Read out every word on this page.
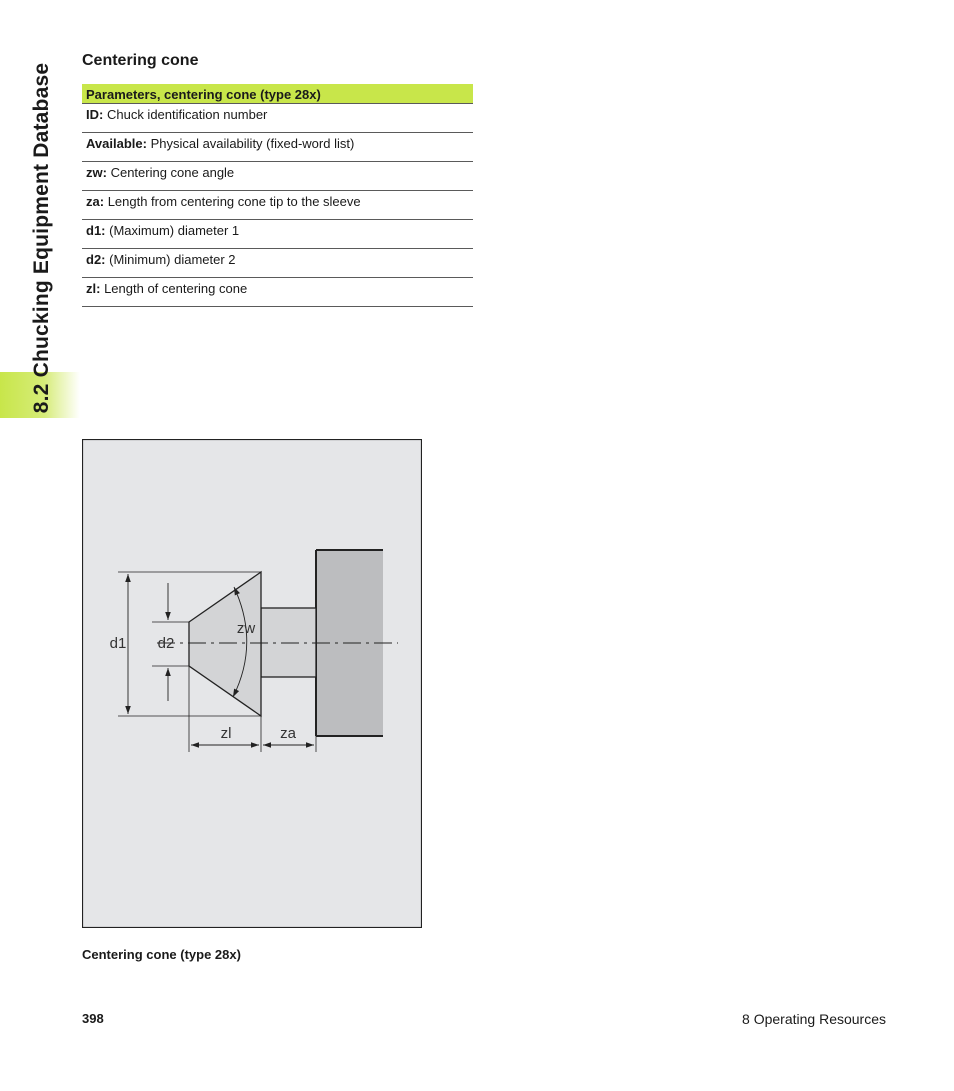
8.2 Chucking Equipment Database
Centering cone
Parameters, centering cone (type 28x)
ID: Chuck identification number
Available: Physical availability (fixed-word list)
zw: Centering cone angle
za: Length from centering cone tip to the sleeve
d1: (Maximum) diameter 1
d2: (Minimum) diameter 2
zl: Length of centering cone
d1 d2
zw
zl	za

Centering cone (type 28x)

398	8 Operating Resources
